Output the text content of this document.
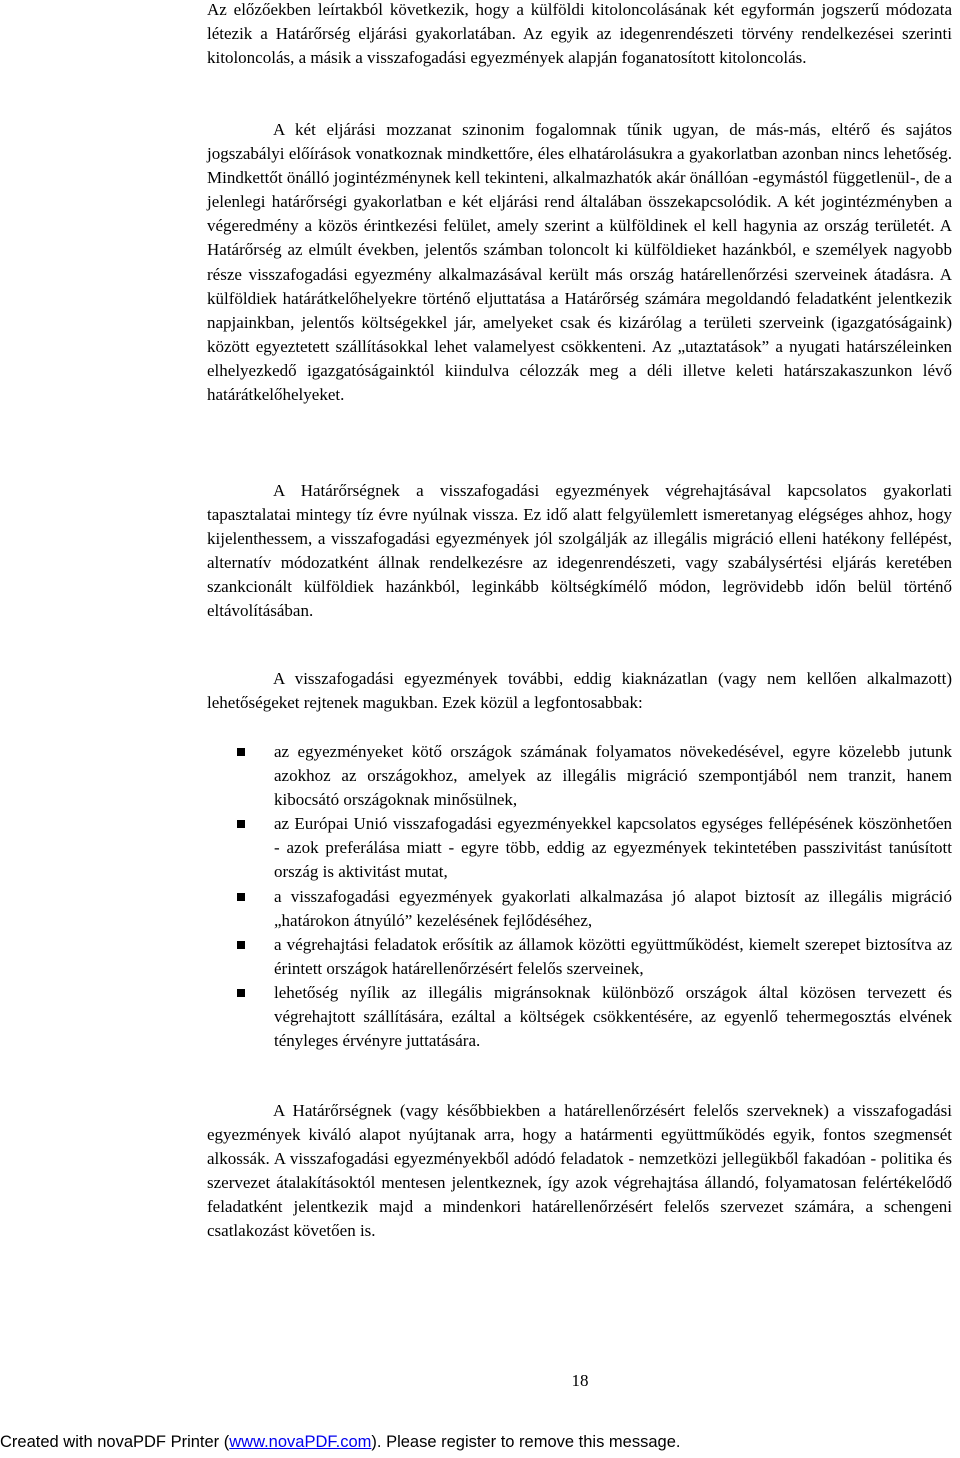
Az előzőekben leírtakból következik, hogy a külföldi kitoloncolásának két egyformán jogszerű módozata létezik a Határőrség eljárási gyakorlatában. Az egyik az idegenrendészeti törvény rendelkezései szerinti kitoloncolás, a másik a visszafogadási egyezmények alapján foganatosított kitoloncolás.

A két eljárási mozzanat szinonim fogalomnak tűnik ugyan, de más-más, eltérő és sajátos jogszabályi előírások vonatkoznak mindkettőre, éles elhatárolásukra a gyakorlatban azonban nincs lehetőség. Mindkettőt önálló jogintézménynek kell tekinteni, alkalmazhatók akár önállóan -egymástól függetlenül-, de a jelenlegi határőrségi gyakorlatban e két eljárási rend általában összekapcsolódik. A két jogintézményben a végeredmény a közös érintkezési felület, amely szerint a külföldinek el kell hagynia az ország területét. A Határőrség az elmúlt években, jelentős számban toloncolt ki külföldieket hazánkból, e személyek nagyobb része visszafogadási egyezmény alkalmazásával került más ország határellenőrzési szerveinek átadásra. A külföldiek határátkelőhelyekre történő eljuttatása a Határőrség számára megoldandó feladatként jelentkezik napjainkban, jelentős költségekkel jár, amelyeket csak és kizárólag a területi szerveink (igazgatóságaink) között egyeztetett szállításokkal lehet valamelyest csökkenteni. Az „utaztatások” a nyugati határszéleinken elhelyezkedő igazgatóságainktól kiindulva célozzák meg a déli illetve keleti határszakaszunkon lévő határátkelőhelyeket.

A Határőrségnek a visszafogadási egyezmények végrehajtásával kapcsolatos gyakorlati tapasztalatai mintegy tíz évre nyúlnak vissza. Ez idő alatt felgyülemlett ismeretanyag elégséges ahhoz, hogy kijelenthessem, a visszafogadási egyezmények jól szolgálják az illegális migráció elleni hatékony fellépést, alternatív módozatként állnak rendelkezésre az idegenrendészeti, vagy szabálysértési eljárás keretében szankcionált külföldiek hazánkból, leginkább költségkímélő módon, legrövidebb időn belül történő eltávolításában.

A visszafogadási egyezmények további, eddig kiaknázatlan (vagy nem kellően alkalmazott) lehetőségeket rejtenek magukban. Ezek közül a legfontosabbak:

az egyezményeket kötő országok számának folyamatos növekedésével, egyre közelebb jutunk azokhoz az országokhoz, amelyek az illegális migráció szempontjából nem tranzit, hanem kibocsátó országoknak minősülnek,
az Európai Unió visszafogadási egyezményekkel kapcsolatos egységes fellépésének köszönhetően - azok preferálása miatt - egyre több, eddig az egyezmények tekintetében passzivitást tanúsított ország is aktivitást mutat,
a visszafogadási egyezmények gyakorlati alkalmazása jó alapot biztosít az illegális migráció „határokon átnyúló” kezelésének fejlődéséhez,
a végrehajtási feladatok erősítik az államok közötti együttműködést, kiemelt szerepet biztosítva az érintett országok határellenőrzésért felelős szerveinek,
lehetőség nyílik az illegális migránsoknak különböző országok által közösen tervezett és végrehajtott szállítására, ezáltal a költségek csökkentésére, az egyenlő tehermegosztás elvének tényleges érvényre juttatására.

A Határőrségnek (vagy későbbiekben a határellenőrzésért felelős szerveknek) a visszafogadási egyezmények kiváló alapot nyújtanak arra, hogy a határmenti együttműködés egyik, fontos szegmensét alkossák. A visszafogadási egyezményekből adódó feladatok - nemzetközi jellegükből fakadóan - politika és szervezet átalakításoktól mentesen jelentkeznek, így azok végrehajtása állandó, folyamatosan felértékelődő feladatként jelentkezik majd a mindenkori határellenőrzésért felelős szervezet számára, a schengeni csatlakozást követően is.

18
Created with novaPDF Printer (www.novaPDF.com). Please register to remove this message.
